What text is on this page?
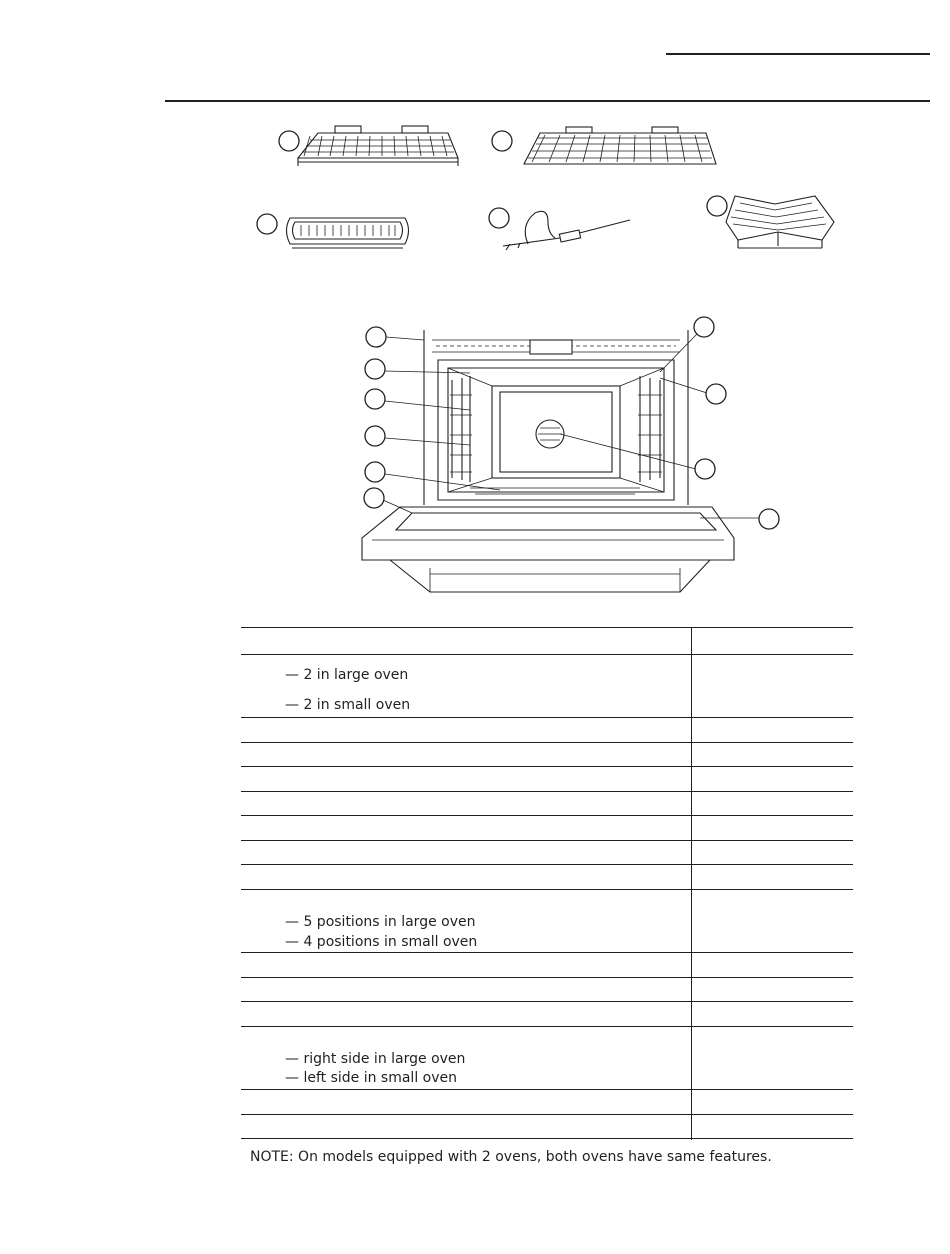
— 2 in large oven
— 2 in small oven
— 5 positions in large oven
— 4 positions in small oven
— right side in large oven
— left side in small oven
NOTE: On models equipped with 2 ovens, both ovens have same features.
